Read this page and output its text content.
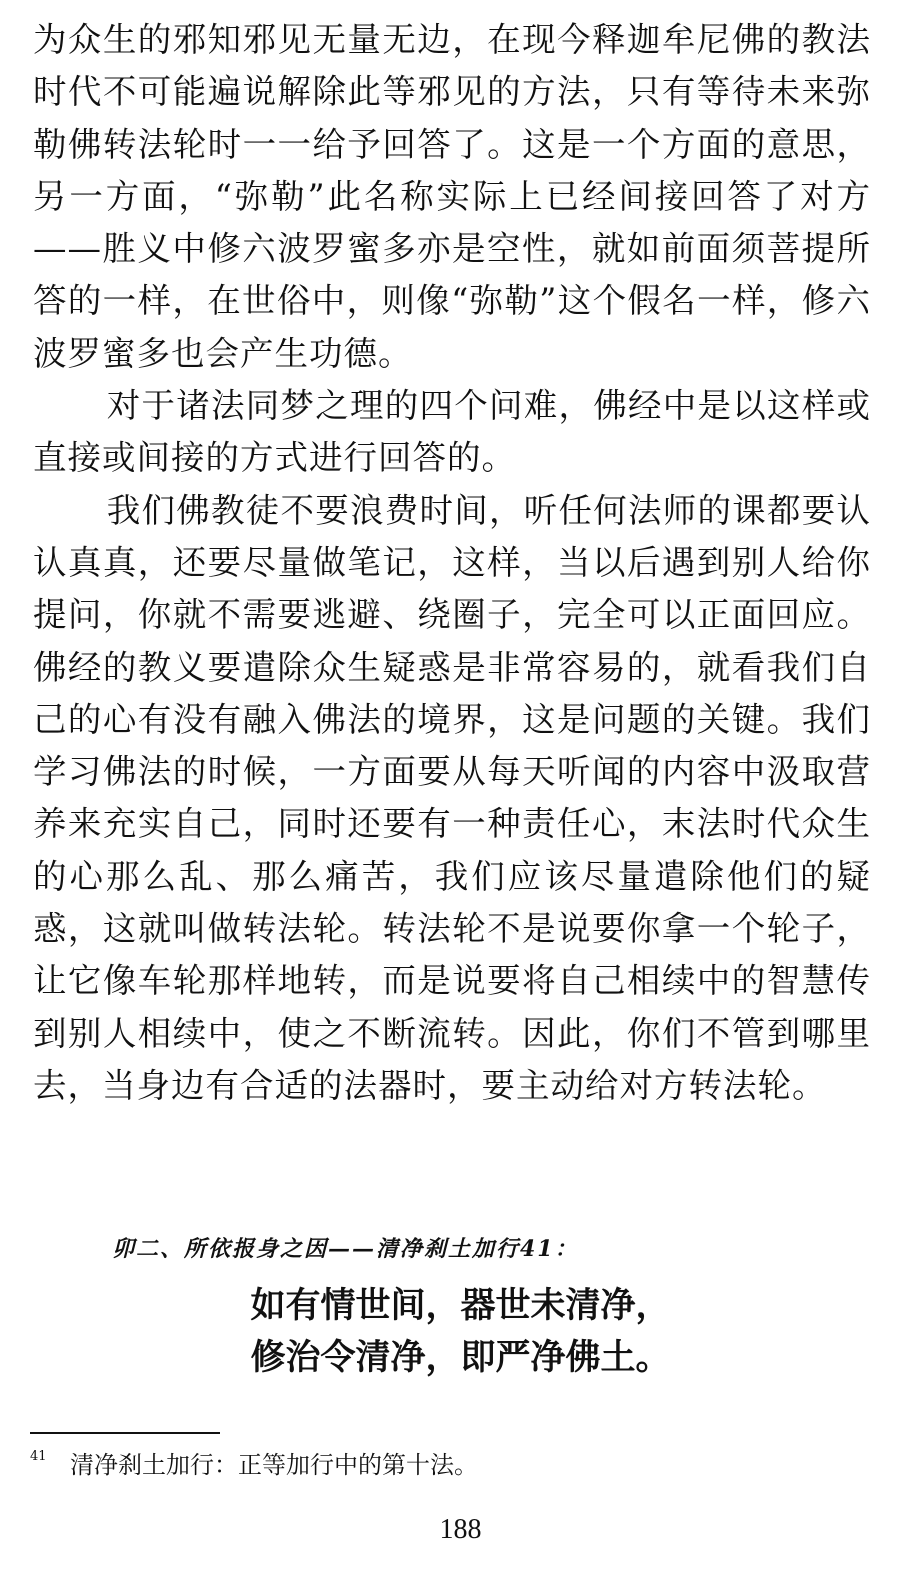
为众生的邪知邪见无量无边，在现今释迦牟尼佛的教法时代不可能遍说解除此等邪见的方法，只有等待未来弥勒佛转法轮时一一给予回答了。这是一个方面的意思，另一方面，“弥勒”此名称实际上已经间接回答了对方——胜义中修六波罗蜜多亦是空性，就如前面须菩提所答的一样，在世俗中，则像“弥勒”这个假名一样，修六波罗蜜多也会产生功德。

对于诸法同梦之理的四个问难，佛经中是以这样或直接或间接的方式进行回答的。

我们佛教徒不要浪费时间，听任何法师的课都要认认真真，还要尽量做笔记，这样，当以后遇到别人给你提问，你就不需要逃避、绕圈子，完全可以正面回应。佛经的教义要遣除众生疑惑是非常容易的，就看我们自己的心有没有融入佛法的境界，这是问题的关键。我们学习佛法的时候，一方面要从每天听闻的内容中汲取营养来充实自己，同时还要有一种责任心，末法时代众生的心那么乱、那么痛苦，我们应该尽量遣除他们的疑惑，这就叫做转法轮。转法轮不是说要你拿一个轮子，让它像车轮那样地转，而是说要将自己相续中的智慧传到别人相续中，使之不断流转。因此，你们不管到哪里去，当身边有合适的法器时，要主动给对方转法轮。

卯二、所依报身之因——清净刹土加行41：
如有情世间，器世未清净，
修治令清净，即严净佛土。
41 清净刹土加行：正等加行中的第十法。
188
